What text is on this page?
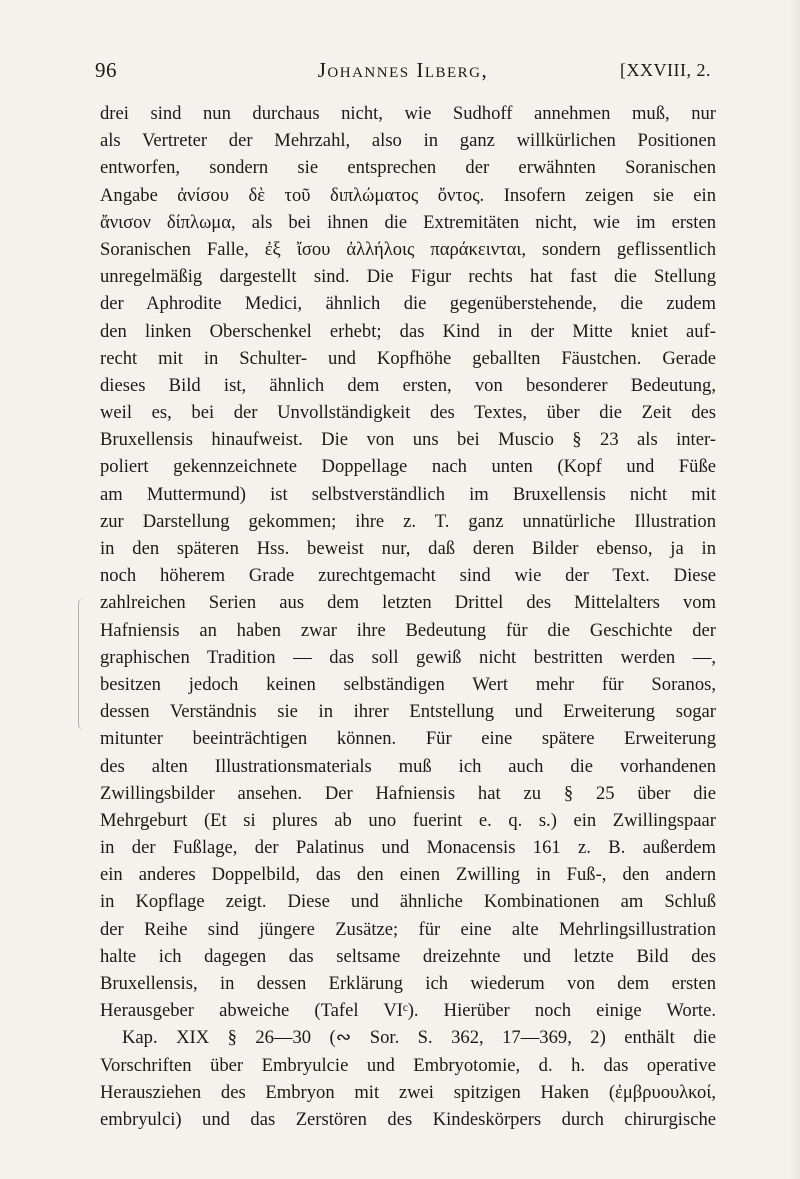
96	Johannes Ilberg,	[XXVIII, 2.
drei sind nun durchaus nicht, wie Sudhoff annehmen muß, nur
als Vertreter der Mehrzahl, also in ganz willkürlichen Positionen
entworfen, sondern sie entsprechen der erwähnten Soranischen
Angabe ἀνίσου δὲ τοῦ διπλώματος ὄντος. Insofern zeigen sie ein
ἄνισον δίπλωμα, als bei ihnen die Extremitäten nicht, wie im ersten
Soranischen Falle, ἐξ ἴσου ἀλλήλοις παράκεινται, sondern geflissentlich
unregelmäßig dargestellt sind. Die Figur rechts hat fast die Stellung
der Aphrodite Medici, ähnlich die gegenüberstehende, die zudem
den linken Oberschenkel erhebt; das Kind in der Mitte kniet auf-
recht mit in Schulter- und Kopfhöhe geballten Fäustchen. Gerade
dieses Bild ist, ähnlich dem ersten, von besonderer Bedeutung,
weil es, bei der Unvollständigkeit des Textes, über die Zeit des
Bruxellensis hinaufweist. Die von uns bei Muscio § 23 als inter-
poliert gekennzeichnete Doppellage nach unten (Kopf und Füße
am Muttermund) ist selbstverständlich im Bruxellensis nicht mit
zur Darstellung gekommen; ihre z. T. ganz unnatürliche Illustration
in den späteren Hss. beweist nur, daß deren Bilder ebenso, ja in
noch höherem Grade zurechtgemacht sind wie der Text. Diese
zahlreichen Serien aus dem letzten Drittel des Mittelalters vom
Hafniensis an haben zwar ihre Bedeutung für die Geschichte der
graphischen Tradition — das soll gewiß nicht bestritten werden —,
besitzen jedoch keinen selbständigen Wert mehr für Soranos,
dessen Verständnis sie in ihrer Entstellung und Erweiterung sogar
mitunter beeinträchtigen können. Für eine spätere Erweiterung
des alten Illustrationsmaterials muß ich auch die vorhandenen
Zwillingsbilder ansehen. Der Hafniensis hat zu § 25 über die
Mehrgeburt (Et si plures ab uno fuerint e. q. s.) ein Zwillingspaar
in der Fußlage, der Palatinus und Monacensis 161 z. B. außerdem
ein anderes Doppelbild, das den einen Zwilling in Fuß-, den andern
in Kopflage zeigt. Diese und ähnliche Kombinationen am Schluß
der Reihe sind jüngere Zusätze; für eine alte Mehrlingsillustration
halte ich dagegen das seltsame dreizehnte und letzte Bild des
Bruxellensis, in dessen Erklärung ich wiederum von dem ersten
Herausgeber abweiche (Tafel VIᶜ). Hierüber noch einige Worte.
Kap. XIX § 26—30 (∾ Sor. S. 362, 17—369, 2) enthält die
Vorschriften über Embryulcie und Embryotomie, d. h. das operative
Herausziehen des Embryon mit zwei spitzigen Haken (ἐμβρυουλκοί,
embryulci) und das Zerstören des Kindeskörpers durch chirurgische
